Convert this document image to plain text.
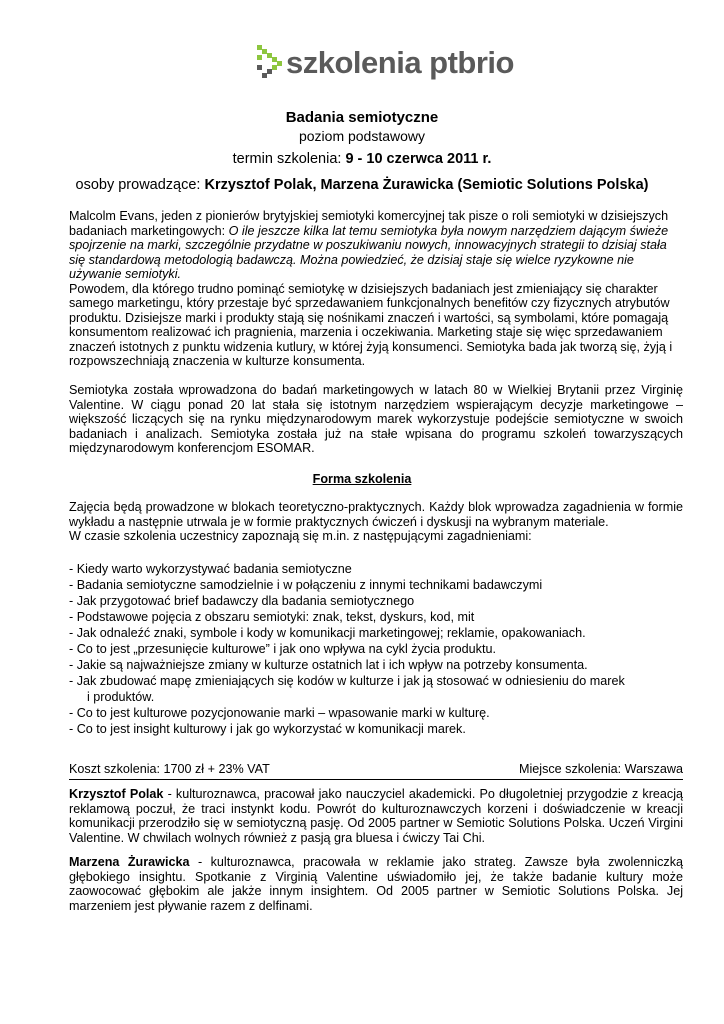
szkolenia ptbrio
Badania semiotyczne
poziom podstawowy
termin szkolenia: 9 - 10 czerwca 2011 r.
osoby prowadzące: Krzysztof Polak, Marzena Żurawicka (Semiotic Solutions Polska)

Malcolm Evans, jeden z pionierów brytyjskiej semiotyki komercyjnej tak pisze o roli semiotyki w dzisiejszych badaniach marketingowych: O ile jeszcze kilka lat temu semiotyka była nowym narzędziem dającym świeże spojrzenie na marki, szczególnie przydatne w poszukiwaniu nowych, innowacyjnych strategii to dzisiaj stała się standardową metodologią badawczą. Można powiedzieć, że dzisiaj staje się wielce ryzykowne nie używanie semiotyki.

Powodem, dla którego trudno pominąć semiotykę w dzisiejszych badaniach jest zmieniający się charakter samego marketingu, który przestaje być sprzedawaniem funkcjonalnych benefitów czy fizycznych atrybutów produktu. Dzisiejsze marki i produkty stają się nośnikami znaczeń i wartości, są symbolami, które pomagają konsumentom realizować ich pragnienia, marzenia i oczekiwania. Marketing staje się więc sprzedawaniem znaczeń istotnych z punktu widzenia kutlury, w której żyją konsumenci. Semiotyka bada jak tworzą się, żyją i rozpowszechniają znaczenia w kulturze konsumenta.

Semiotyka została wprowadzona do badań marketingowych w latach 80 w Wielkiej Brytanii przez Virginię Valentine. W ciągu ponad 20 lat stała się istotnym narzędziem wspierającym decyzje marketingowe – większość liczących się na rynku międzynarodowym marek wykorzystuje podejście semiotyczne w swoich badaniach i analizach. Semiotyka została już na stałe wpisana do programu szkoleń towarzyszących międzynarodowym konferencjom ESOMAR.
Forma szkolenia

Zajęcia będą prowadzone w blokach teoretyczno-praktycznych. Każdy blok wprowadza zagadnienia w formie wykładu a następnie utrwala je w formie praktycznych ćwiczeń i dyskusji na wybranym materiale.

W czasie szkolenia uczestnicy zapoznają się m.in. z następującymi zagadnieniami:

- Kiedy warto wykorzystywać badania semiotyczne
- Badania semiotyczne samodzielnie i w połączeniu z innymi technikami badawczymi
- Jak przygotować brief badawczy dla badania semiotycznego
- Podstawowe pojęcia z obszaru semiotyki: znak, tekst, dyskurs, kod, mit
- Jak odnaleźć znaki, symbole i kody w komunikacji marketingowej; reklamie, opakowaniach.
- Co to jest „przesunięcie kulturowe” i jak ono wpływa na cykl życia produktu.
- Jakie są najważniejsze zmiany w kulturze ostatnich lat i ich wpływ na potrzeby konsumenta.
- Jak zbudować mapę zmieniających się kodów w kulturze i jak ją stosować w odniesieniu do marek
i produktów.
- Co to jest kulturowe pozycjonowanie marki – wpasowanie marki w kulturę.
- Co to jest insight kulturowy i jak go wykorzystać w komunikacji marek.
Koszt szkolenia: 1700 zł + 23% VAT	Miejsce szkolenia: Warszawa
Krzysztof Polak - kulturoznawca, pracował jako nauczyciel akademicki. Po długoletniej przygodzie z kreacją reklamową poczuł, że traci instynkt kodu. Powrót do kulturoznawczych korzeni i doświadczenie w kreacji komunikacji przerodziło się w semiotyczną pasję. Od 2005 partner w Semiotic Solutions Polska. Uczeń Virgini Valentine. W chwilach wolnych również z pasją gra bluesa i ćwiczy Tai Chi.
Marzena Żurawicka - kulturoznawca, pracowała w reklamie jako strateg. Zawsze była zwolenniczką głębokiego insightu. Spotkanie z Virginią Valentine uświadomiło jej, że także badanie kultury może zaowocować głębokim ale jakże innym insightem. Od 2005 partner w Semiotic Solutions Polska. Jej marzeniem jest pływanie razem z delfinami.
